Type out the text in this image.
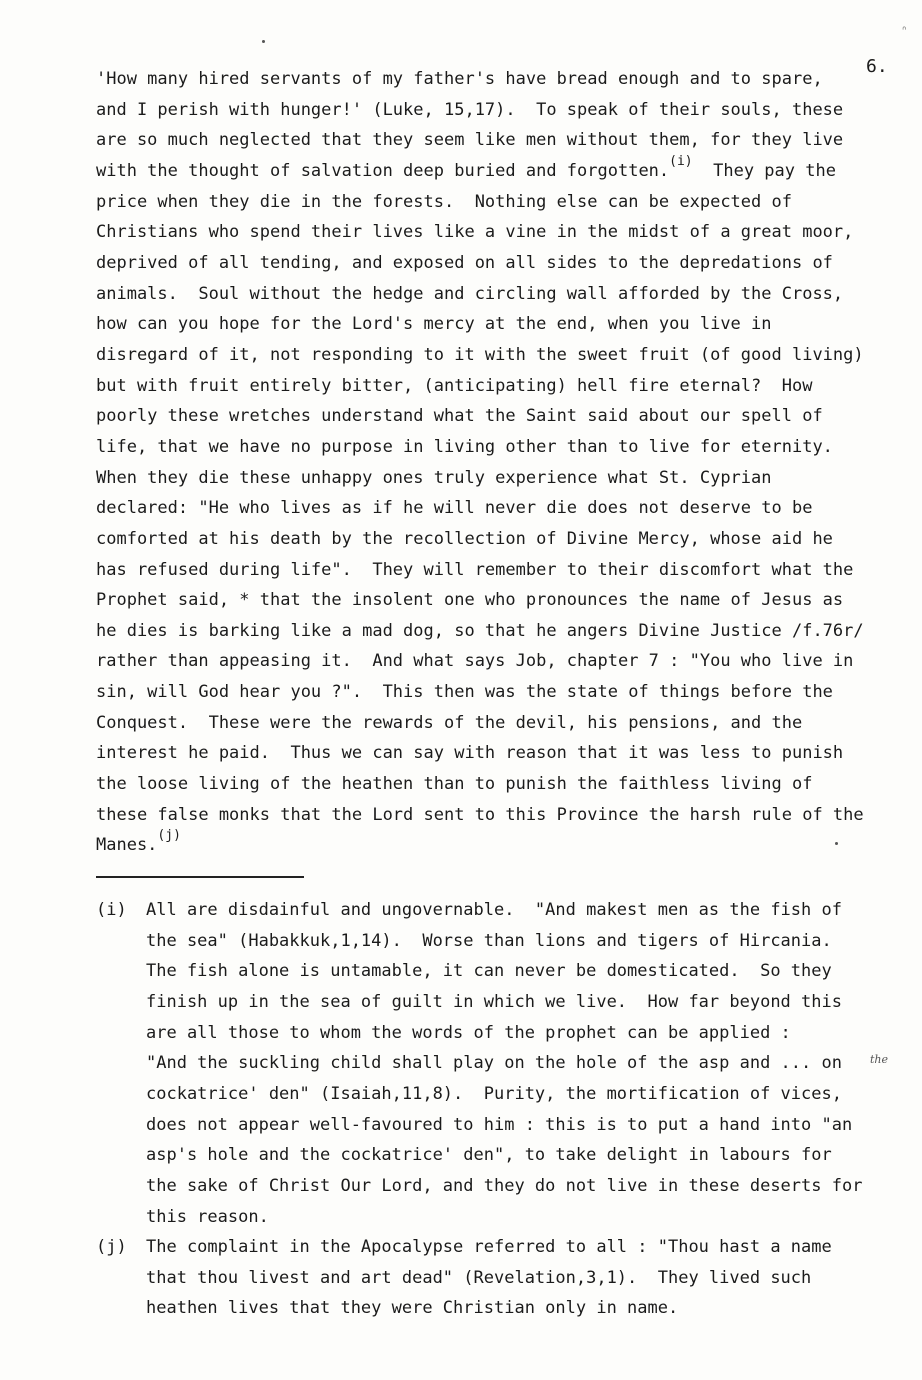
ᐢ
6.
'How many hired servants of my father's have bread enough and to spare,
and I perish with hunger!' (Luke, 15,17).  To speak of their souls, these
are so much neglected that they seem like men without them, for they live
with the thought of salvation deep buried and forgotten.$^{(i)}$  They pay the
price when they die in the forests.  Nothing else can be expected of
Christians who spend their lives like a vine in the midst of a great moor,
deprived of all tending, and exposed on all sides to the depredations of
animals.  Soul without the hedge and circling wall afforded by the Cross,
how can you hope for the Lord's mercy at the end, when you live in
disregard of it, not responding to it with the sweet fruit (of good living)
but with fruit entirely bitter, (anticipating) hell fire eternal?  How
poorly these wretches understand what the Saint said about our spell of
life, that we have no purpose in living other than to live for eternity.
When they die these unhappy ones truly experience what St. Cyprian
declared: "He who lives as if he will never die does not deserve to be
comforted at his death by the recollection of Divine Mercy, whose aid he
has refused during life".  They will remember to their discomfort what the
Prophet said, * that the insolent one who pronounces the name of Jesus as
he dies is barking like a mad dog, so that he angers Divine Justice /f.76r/
rather than appeasing it.  And what says Job, chapter 7 : "You who live in
sin, will God hear you ?".  This then was the state of things before the
Conquest.  These were the rewards of the devil, his pensions, and the
interest he paid.  Thus we can say with reason that it was less to punish
the loose living of the heathen than to punish the faithless living of
these false monks that the Lord sent to this Province the harsh rule of the
Manes.$^{(j)}$
(i) All are disdainful and ungovernable.  "And makest men as the fish of
the sea" (Habakkuk,1,14).  Worse than lions and tigers of Hircania.
The fish alone is untamable, it can never be domesticated.  So they
finish up in the sea of guilt in which we live.  How far beyond this
are all those to whom the words of the prophet can be applied :
"And the suckling child shall play on the hole of the asp and ... on
cockatrice' den" (Isaiah,11,8).  Purity, the mortification of vices,
does not appear well-favoured to him : this is to put a hand into "an
asp's hole and the cockatrice' den", to take delight in labours for
the sake of Christ Our Lord, and they do not live in these deserts for
this reason.
(j) The complaint in the Apocalypse referred to all : "Thou hast a name
that thou livest and art dead" (Revelation,3,1).  They lived such
heathen lives that they were Christian only in name.
the
